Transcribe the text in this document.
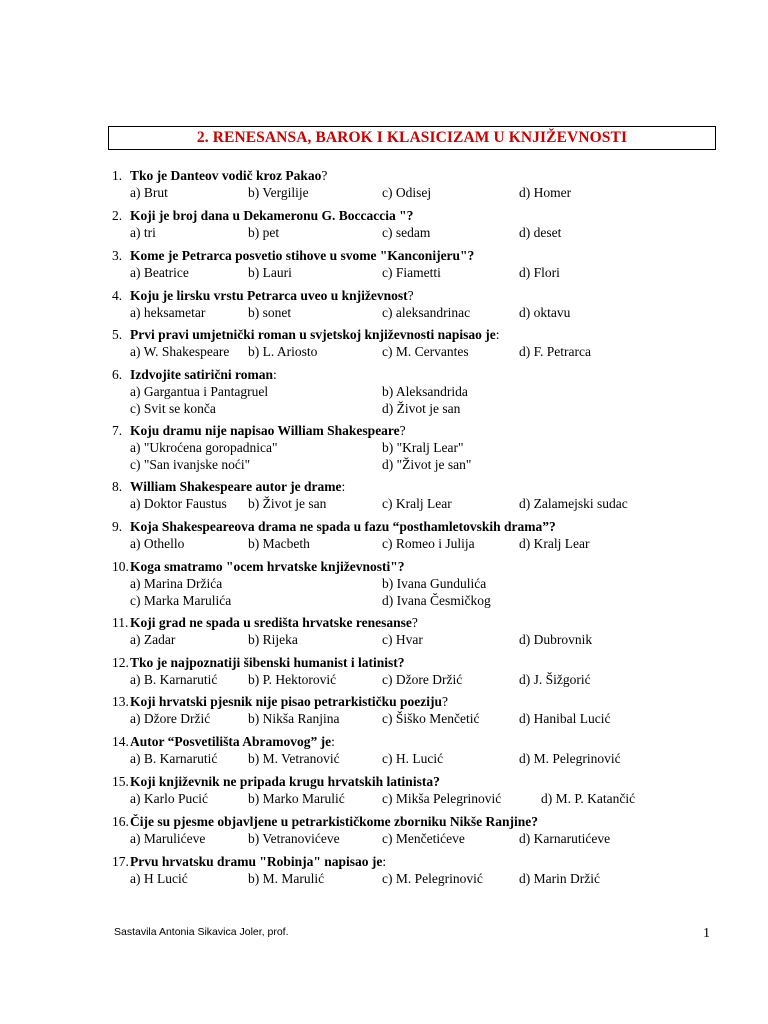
2. RENESANSA, BAROK I KLASICIZAM U KNJIŽEVNOSTI
1. Tko je Danteov vodič kroz Pakao?
a) Brut	b) Vergilije	c) Odisej	d) Homer
2. Koji je broj dana u Dekameronu G. Boccaccia "?
a) tri	b) pet	c) sedam	d) deset
3. Kome je Petrarca posvetio stihove u svome "Kanconijeru"?
a) Beatrice	b) Lauri	c) Fiametti	d) Flori
4. Koju je lirsku vrstu Petrarca uveo u književnost?
a) heksametar	b) sonet	c) aleksandrinac	d) oktavu
5. Prvi pravi umjetnički roman u svjetskoj književnosti napisao je:
a) W. Shakespeare b) L. Ariosto	c) M. Cervantes	d) F. Petrarca
6. Izdvojite satirični roman:
a) Gargantua i Pantagruel	b) Aleksandrida
c) Svit se konča	d) Život je san
7. Koju dramu nije napisao William Shakespeare?
a) "Ukroćena goropadnica"	b) "Kralj Lear"
c) "San ivanjske noći"	d) "Život je san"
8. William Shakespeare autor je drame:
a) Doktor Faustus b) Život je san	c) Kralj Lear	d) Zalamejski sudac
9. Koja Shakespeareova drama ne spada u fazu “posthamletovskih drama”?
a) Othello	b) Macbeth	c) Romeo i Julija	d) Kralj Lear
10.Koga smatramo "ocem hrvatske književnosti"?
a) Marina Držića	b) Ivana Gundulića
c) Marka Marulića	d) Ivana Česmičkog
11. Koji grad ne spada u središta hrvatske renesanse?
a) Zadar	b) Rijeka	c) Hvar	d) Dubrovnik
12.Tko je najpoznatiji šibenski humanist i latinist?
a) B. Karnarutić b) P. Hektorović	c) Džore Držić	d) J. Šižgorić
13.Koji hrvatski pjesnik nije pisao petrarkističku poeziju?
a) Džore Držić	b) Nikša Ranjina	c) Šiško Menčetić	d) Hanibal Lucić
14.Autor “Posvetilišta Abramovog” je:
a) B. Karnarutić b) M. Vetranović	c) H. Lucić	d) M. Pelegrinović
15.Koji književnik ne pripada krugu hrvatskih latinista?
a) Karlo Pucić	b) Marko Marulić	c) Mikša Pelegrinović	d) M. P. Katančić
16.Čije su pjesme objavljene u petrarkističkome zborniku Nikše Ranjine?
a) Marulićeve	b) Vetranovićeve	c) Menčetićeve	d) Karnarutićeve
17.Prvu hrvatsku dramu "Robinja" napisao je:
a) H Lucić	b) M. Marulić	c) M. Pelegrinović	d) Marin Držić
Sastavila Antonia Sikavica Joler, prof.	1
